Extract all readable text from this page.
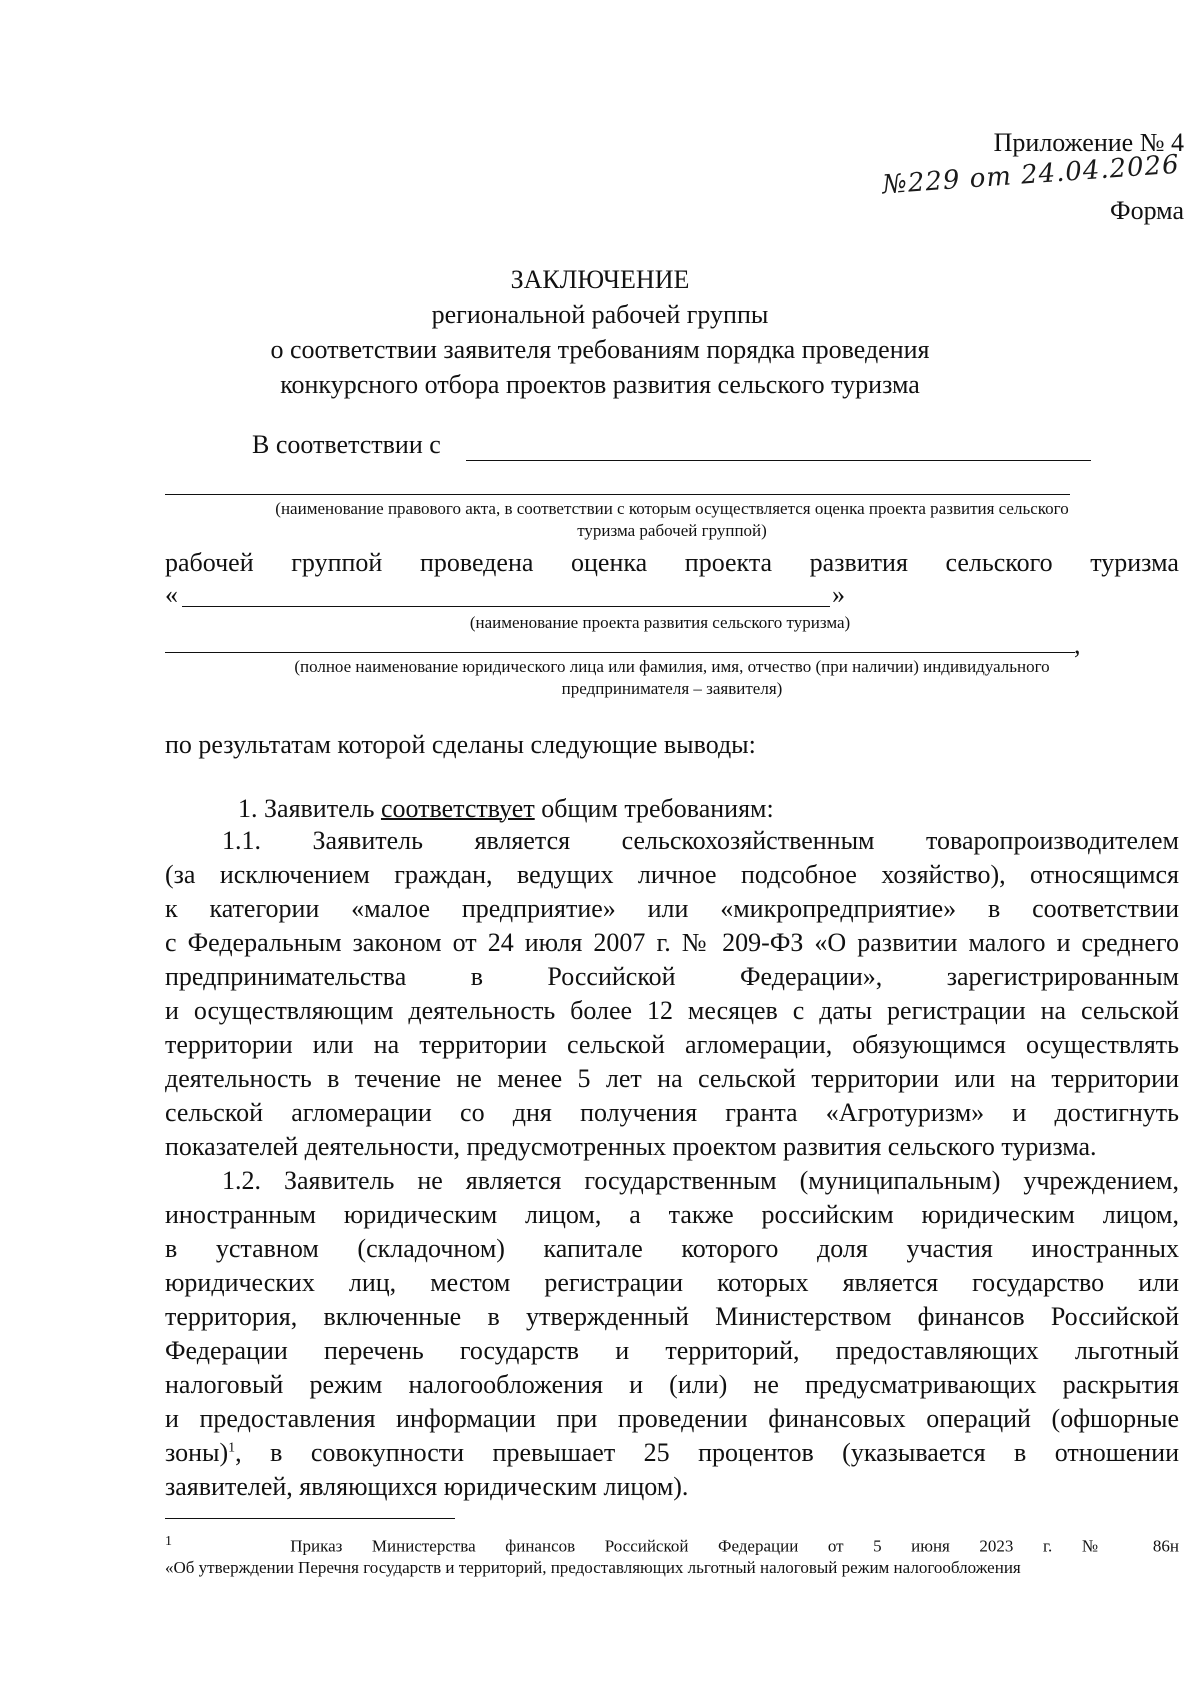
Приложение № 4
№229 от 24.04.2026
Форма
ЗАКЛЮЧЕНИЕ
региональной рабочей группы
о соответствии заявителя требованиям порядка проведения
конкурсного отбора проектов развития сельского туризма
В соответствии с
(наименование правового акта, в соответствии с которым осуществляется оценка проекта развития сельского
туризма рабочей группой)
рабочей группой проведена оценка проекта развития сельского туризма
«	»
(наименование проекта развития сельского туризма)
,
(полное наименование юридического лица или фамилия, имя, отчество (при наличии) индивидуального
предпринимателя – заявителя)
по результатам которой сделаны следующие выводы:
1. Заявитель соответствует общим требованиям:
1.1. Заявитель является сельскохозяйственным товаропроизводителем
(за исключением граждан, ведущих личное подсобное хозяйство), относящимся
к категории «малое предприятие» или «микропредприятие» в соответствии
с Федеральным законом от 24 июля 2007 г. № 209-ФЗ «О развитии малого и среднего
предпринимательства в Российской Федерации», зарегистрированным
и осуществляющим деятельность более 12 месяцев с даты регистрации на сельской
территории или на территории сельской агломерации, обязующимся осуществлять
деятельность в течение не менее 5 лет на сельской территории или на территории
сельской агломерации со дня получения гранта «Агротуризм» и достигнуть
показателей деятельности, предусмотренных проектом развития сельского туризма.
1.2. Заявитель не является государственным (муниципальным) учреждением,
иностранным юридическим лицом, а также российским юридическим лицом,
в уставном (складочном) капитале которого доля участия иностранных
юридических лиц, местом регистрации которых является государство или
территория, включенные в утвержденный Министерством финансов Российской
Федерации перечень государств и территорий, предоставляющих льготный
налоговый режим налогообложения и (или) не предусматривающих раскрытия
и предоставления информации при проведении финансовых операций (офшорные
зоны)$^1$, в совокупности превышает 25 процентов (указывается в отношении
заявителей, являющихся юридическим лицом).
$^1$	Приказ Министерства финансов Российской Федерации от 5 июня 2023 г. № 86н
«Об утверждении Перечня государств и территорий, предоставляющих льготный налоговый режим налогообложения
